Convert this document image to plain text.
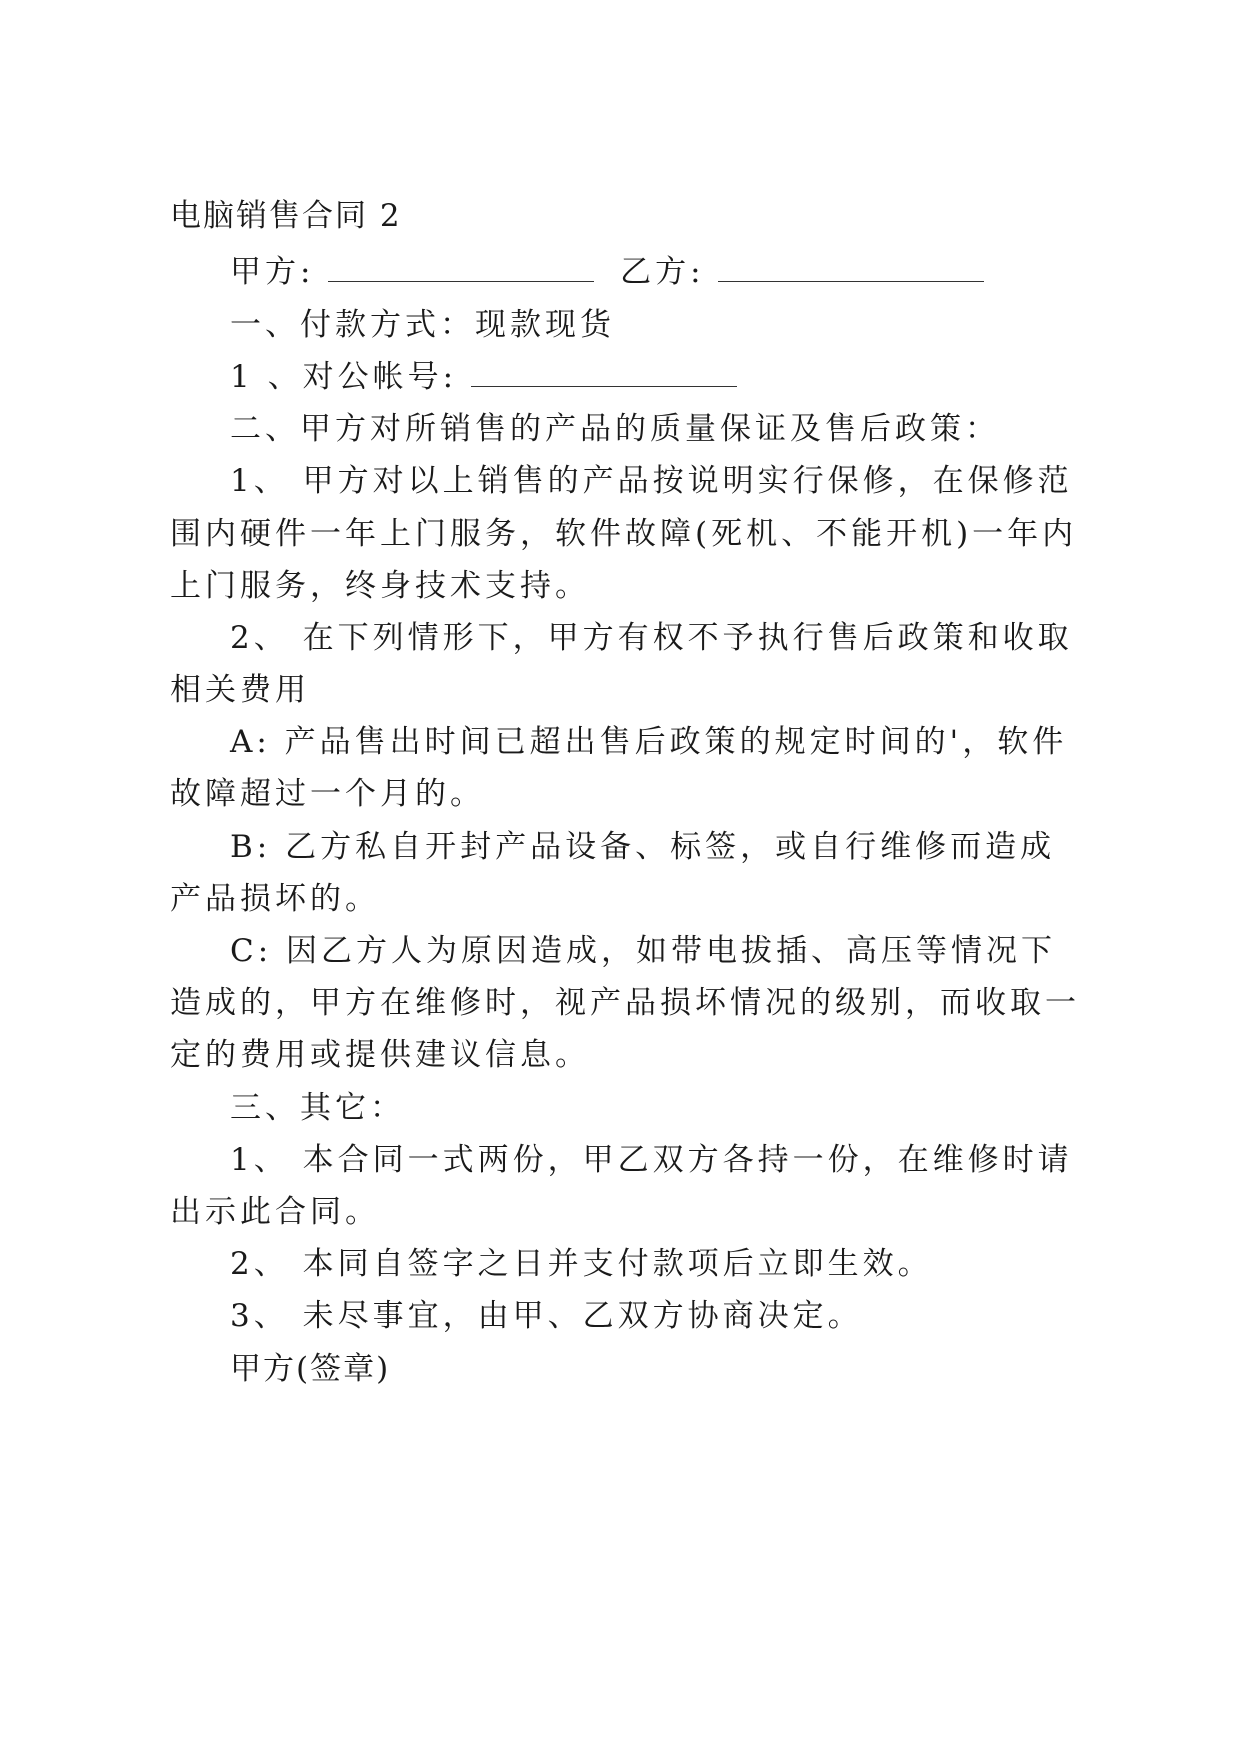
电脑销售合同 2
甲方:	乙方:
一、付款方式：现款现货
1 、对公帐号:
二、甲方对所销售的产品的质量保证及售后政策：
1、 甲方对以上销售的产品按说明实行保修，在保修范
围内硬件一年上门服务，软件故障(死机、不能开机)一年内
上门服务，终身技术支持。
2、 在下列情形下，甲方有权不予执行售后政策和收取
相关费用
A: 产品售出时间已超出售后政策的规定时间的'，软件
故障超过一个月的。
B: 乙方私自开封产品设备、标签，或自行维修而造成
产品损坏的。
C: 因乙方人为原因造成，如带电拔插、高压等情况下
造成的，甲方在维修时，视产品损坏情况的级别，而收取一
定的费用或提供建议信息。
三、其它：
1、 本合同一式两份，甲乙双方各持一份，在维修时请
出示此合同。
2、 本同自签字之日并支付款项后立即生效。
3、 未尽事宜，由甲、乙双方协商决定。
甲方(签章)
